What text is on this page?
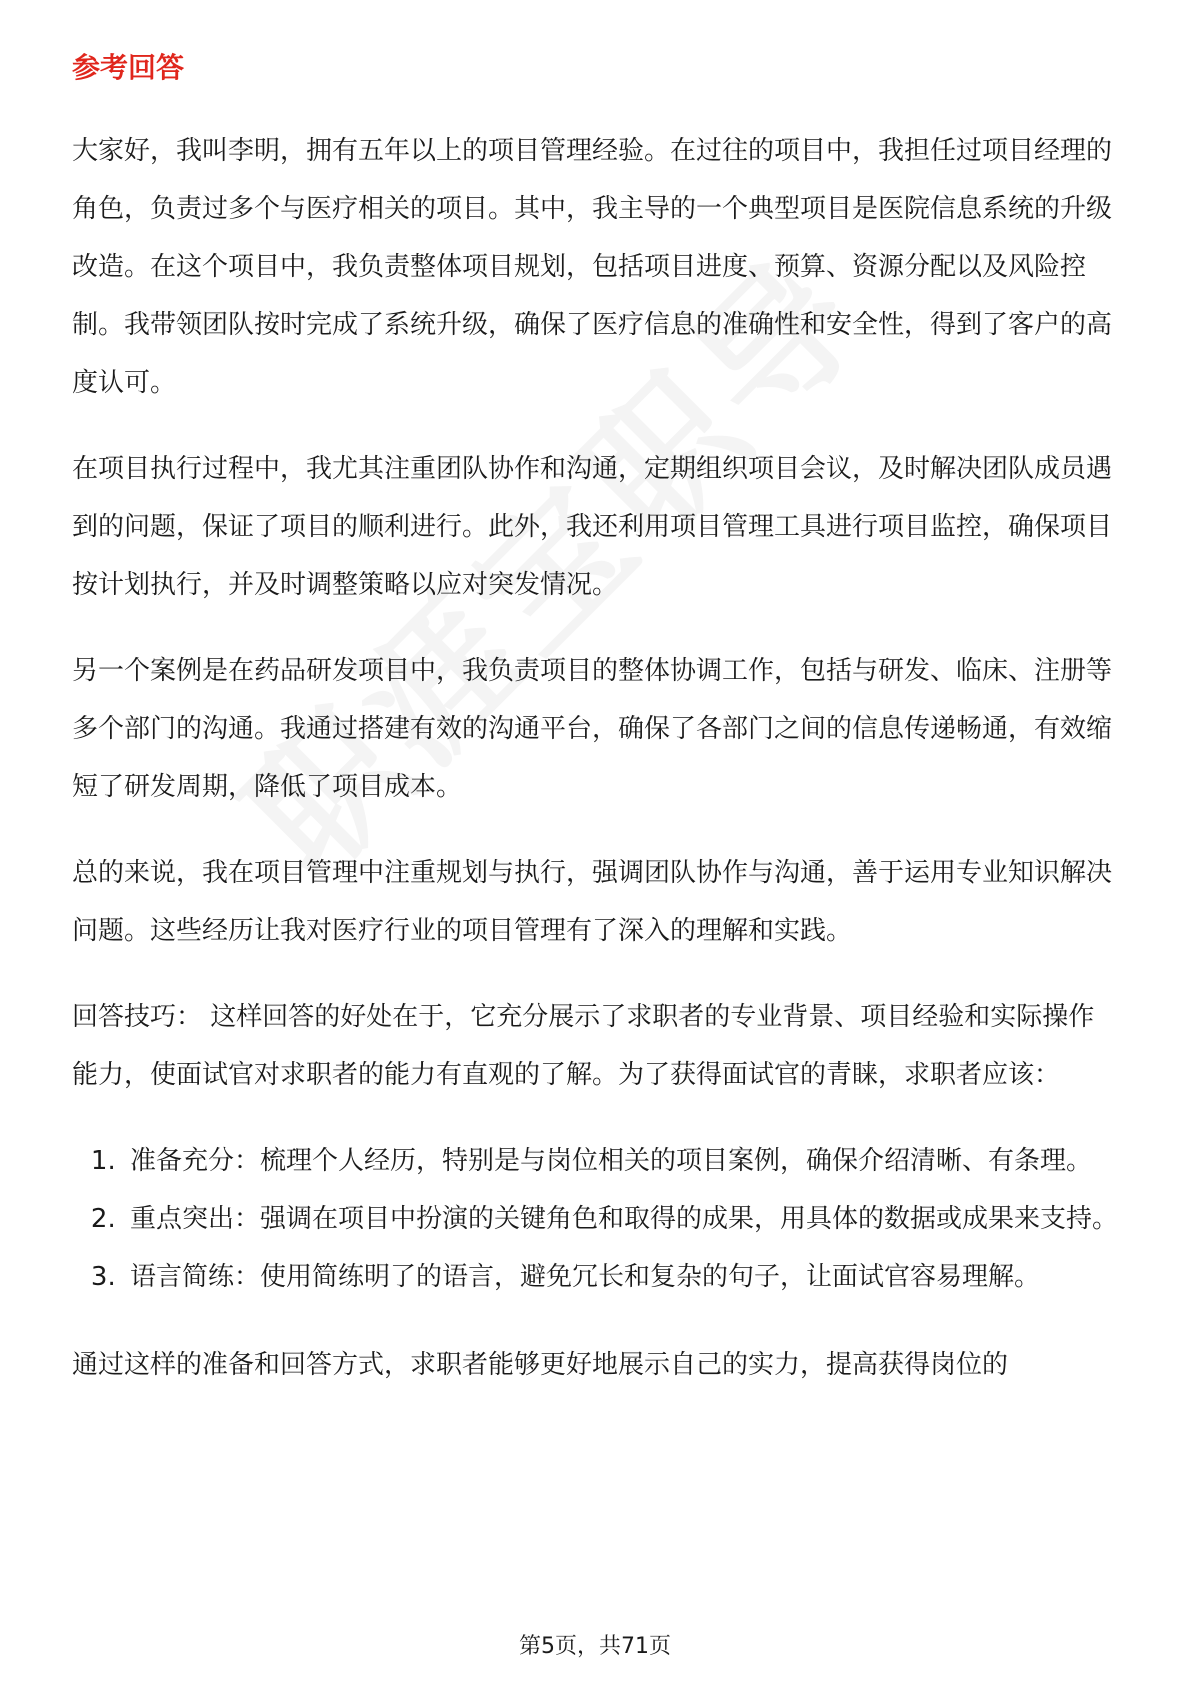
参考回答

大家好，我叫李明，拥有五年以上的项目管理经验。在过往的项目中，我担任过项目经理的角色，负责过多个与医疗相关的项目。其中，我主导的一个典型项目是医院信息系统的升级改造。在这个项目中，我负责整体项目规划，包括项目进度、预算、资源分配以及风险控制。我带领团队按时完成了系统升级，确保了医疗信息的准确性和安全性，得到了客户的高度认可。

在项目执行过程中，我尤其注重团队协作和沟通，定期组织项目会议，及时解决团队成员遇到的问题，保证了项目的顺利进行。此外，我还利用项目管理工具进行项目监控，确保项目按计划执行，并及时调整策略以应对突发情况。

另一个案例是在药品研发项目中，我负责项目的整体协调工作，包括与研发、临床、注册等多个部门的沟通。我通过搭建有效的沟通平台，确保了各部门之间的信息传递畅通，有效缩短了研发周期，降低了项目成本。

总的来说，我在项目管理中注重规划与执行，强调团队协作与沟通，善于运用专业知识解决问题。这些经历让我对医疗行业的项目管理有了深入的理解和实践。

回答技巧： 这样回答的好处在于，它充分展示了求职者的专业背景、项目经验和实际操作能力，使面试官对求职者的能力有直观的了解。为了获得面试官的青睐，求职者应该：

1. 准备充分：梳理个人经历，特别是与岗位相关的项目案例，确保介绍清晰、有条理。
2. 重点突出：强调在项目中扮演的关键角色和取得的成果，用具体的数据或成果来支持。
3. 语言简练：使用简练明了的语言，避免冗长和复杂的句子，让面试官容易理解。

通过这样的准备和回答方式，求职者能够更好地展示自己的实力，提高获得岗位的

第5页，共71页
